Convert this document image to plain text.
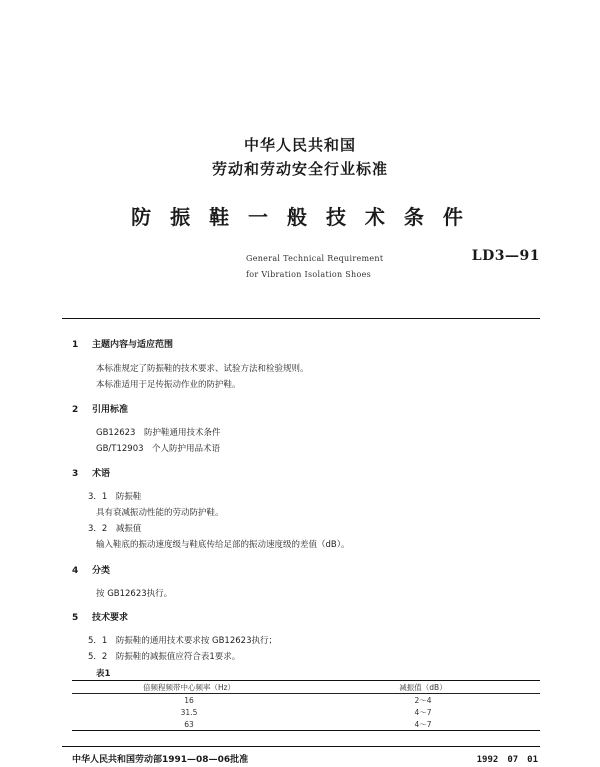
中华人民共和国
劳动和劳动安全行业标准
防 振 鞋 一 般 技 术 条 件
General Technical Requirement
for Vibration Isolation Shoes
LD3—91
1 主题内容与适应范围
本标准规定了防振鞋的技术要求、试验方法和检验规则。
本标准适用于足传振动作业的防护鞋。
2 引用标准
GB12623　防护鞋通用技术条件
GB/T12903　个人防护用品术语
3 术语
3．1　防振鞋
具有衰减振动性能的劳动防护鞋。
3．2　减振值
输入鞋底的振动速度级与鞋底传给足部的振动速度级的差值（dB）。
4 分类
按 GB12623执行。
5 技术要求
5．1　防振鞋的通用技术要求按 GB12623执行；
5．2　防振鞋的减振值应符合表1要求。
表1
倍频程频带中心频率（Hz）	减振值（dB）
16	2～4
31.5	4～7
63	4～7
中华人民共和国劳动部1991—08—06批准	1992　07　01
